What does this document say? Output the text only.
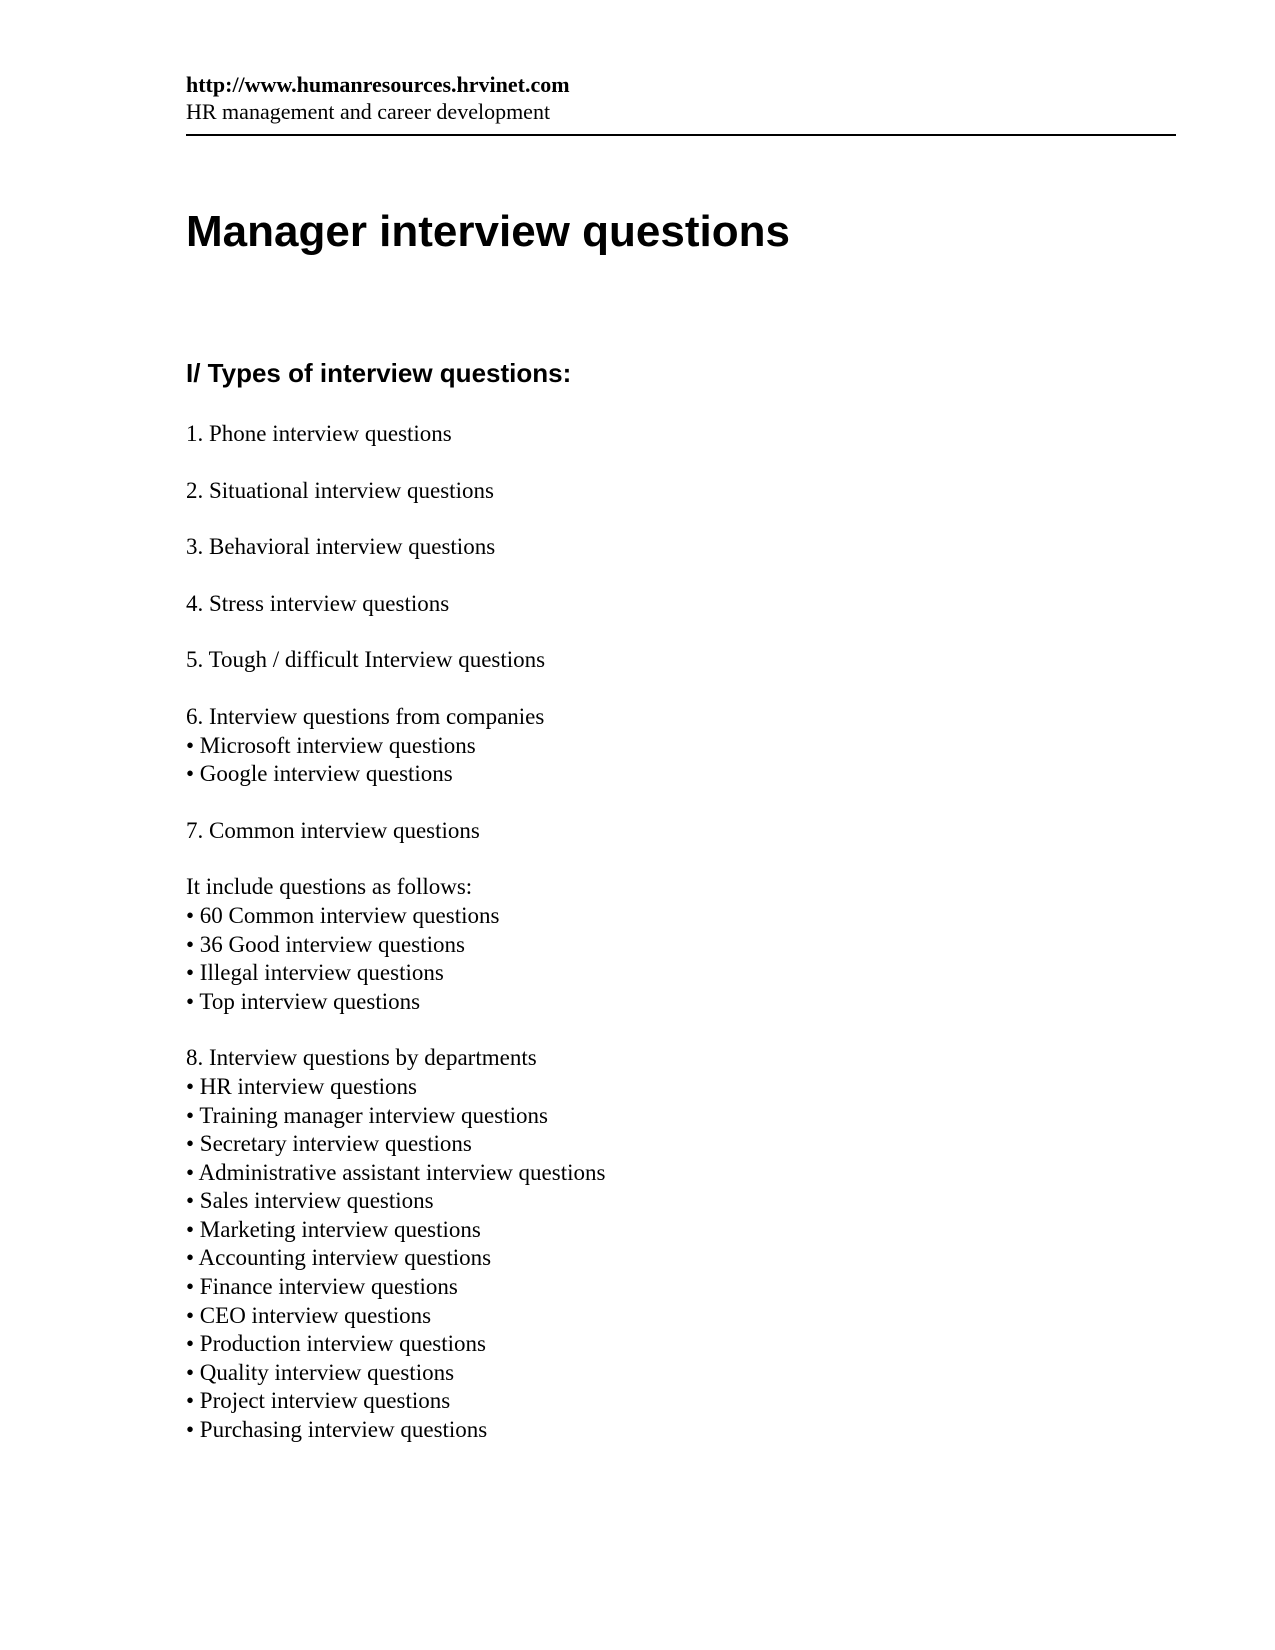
http://www.humanresources.hrvinet.com

HR management and career development

Manager interview questions
I/ Types of interview questions:

1. Phone interview questions

2. Situational interview questions

3. Behavioral interview questions

4. Stress interview questions

5. Tough / difficult Interview questions

6. Interview questions from companies

• Microsoft interview questions
• Google interview questions

7. Common interview questions

It include questions as follows:

• 60 Common interview questions
• 36 Good interview questions
• Illegal interview questions
• Top interview questions

8. Interview questions by departments

• HR interview questions
• Training manager interview questions
• Secretary interview questions
• Administrative assistant interview questions
• Sales interview questions
• Marketing interview questions
• Accounting interview questions
• Finance interview questions
• CEO interview questions
• Production interview questions
• Quality interview questions
• Project interview questions
• Purchasing interview questions
